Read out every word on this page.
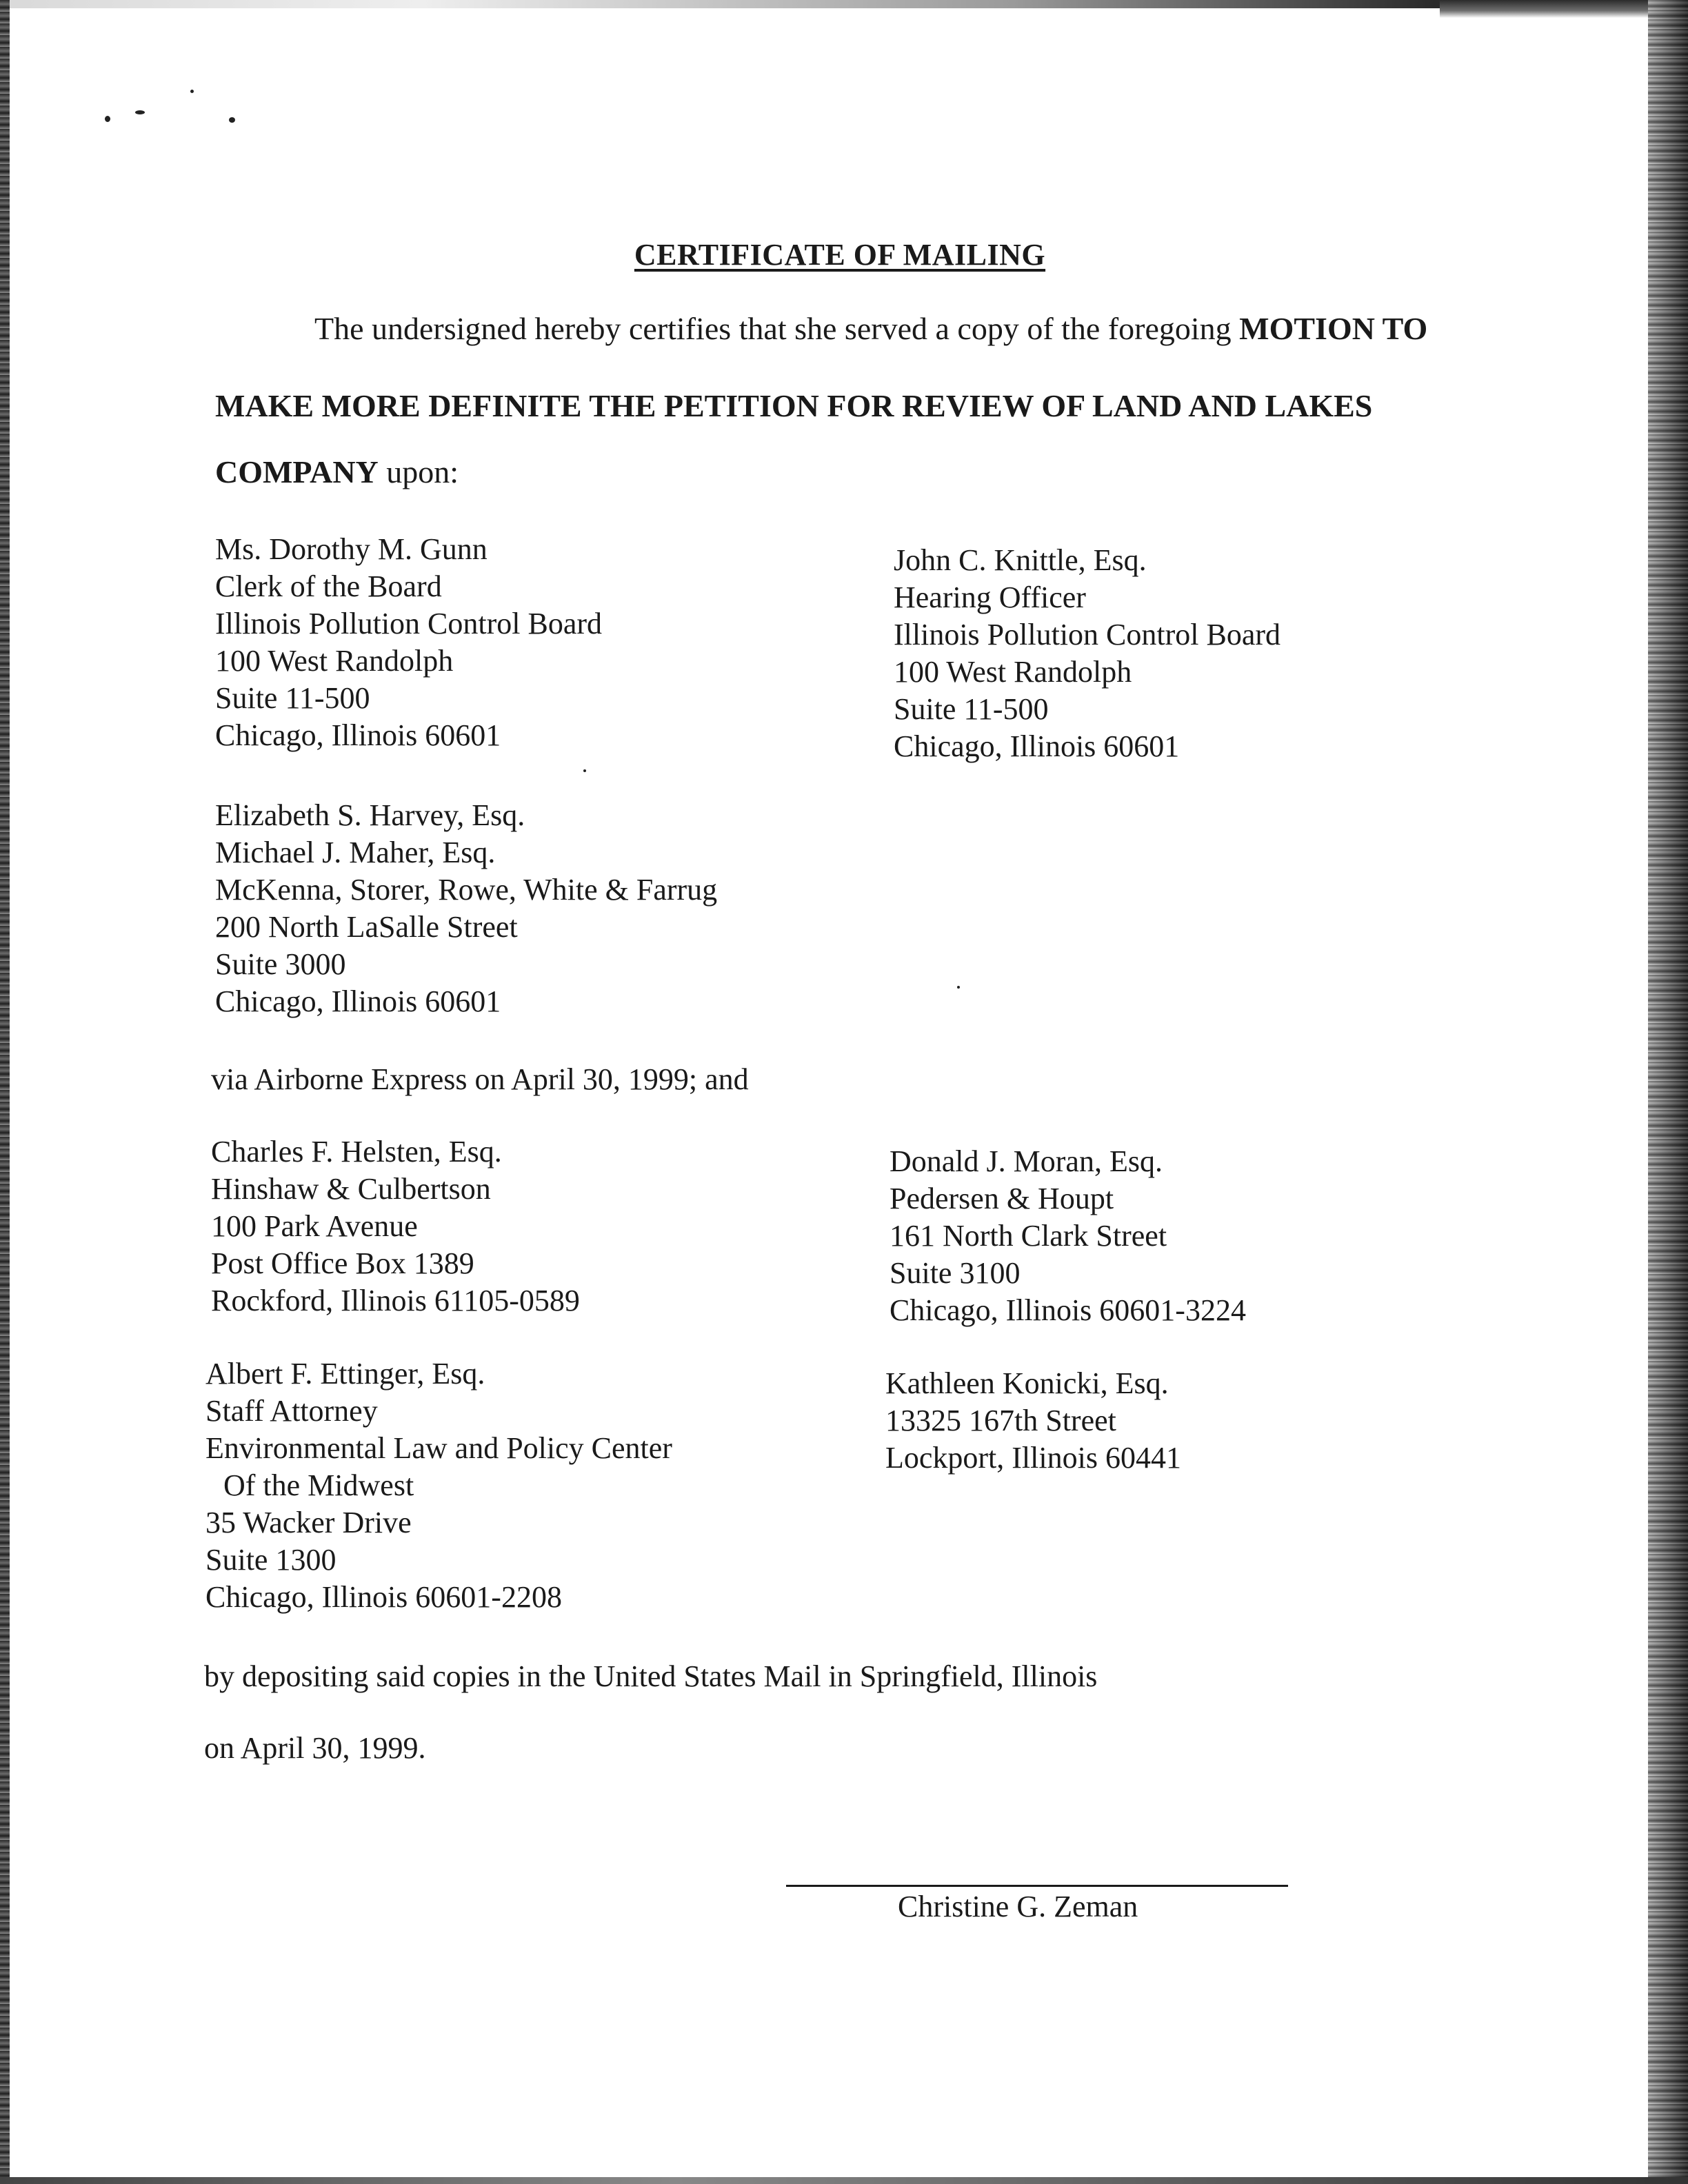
CERTIFICATE OF MAILING
The undersigned hereby certifies that she served a copy of the foregoing MOTION TO
MAKE MORE DEFINITE THE PETITION FOR REVIEW OF LAND AND LAKES
COMPANY upon:
Ms. Dorothy M. Gunn
Clerk of the Board
Illinois Pollution Control Board
100 West Randolph
Suite 11-500
Chicago, Illinois 60601
John C. Knittle, Esq.
Hearing Officer
Illinois Pollution Control Board
100 West Randolph
Suite 11-500
Chicago, Illinois 60601
Elizabeth S. Harvey, Esq.
Michael J. Maher, Esq.
McKenna, Storer, Rowe, White & Farrug
200 North LaSalle Street
Suite 3000
Chicago, Illinois 60601
via Airborne Express on April 30, 1999; and
Charles F. Helsten, Esq.
Hinshaw & Culbertson
100 Park Avenue
Post Office Box 1389
Rockford, Illinois 61105-0589
Donald J. Moran, Esq.
Pedersen & Houpt
161 North Clark Street
Suite 3100
Chicago, Illinois 60601-3224
Albert F. Ettinger, Esq.
Staff Attorney
Environmental Law and Policy Center
Of the Midwest
35 Wacker Drive
Suite 1300
Chicago, Illinois 60601-2208
Kathleen Konicki, Esq.
13325 167th Street
Lockport, Illinois 60441
by depositing said copies in the United States Mail in Springfield, Illinois
on April 30, 1999.
Christine G. Zeman
